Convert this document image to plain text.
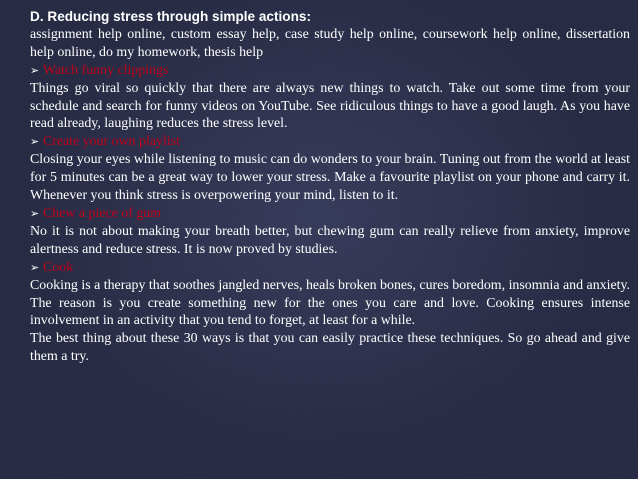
D. Reducing stress through simple actions:

assignment help online, custom essay help, case study help online, coursework help online, dissertation help online, do my homework, thesis help

➢ Watch funny clippings

Things go viral so quickly that there are always new things to watch. Take out some time from your schedule and search for funny videos on YouTube. See ridiculous things to have a good laugh. As you have read already, laughing reduces the stress level.

➢ Create your own playlist

Closing your eyes while listening to music can do wonders to your brain. Tuning out from the world at least for 5 minutes can be a great way to lower your stress. Make a favourite playlist on your phone and carry it. Whenever you think stress is overpowering your mind, listen to it.

➢ Chew a piece of gum

No it is not about making your breath better, but chewing gum can really relieve from anxiety, improve alertness and reduce stress. It is now proved by studies.

➢ Cook

Cooking is a therapy that soothes jangled nerves, heals broken bones, cures boredom, insomnia and anxiety. The reason is you create something new for the ones you care and love. Cooking ensures intense involvement in an activity that you tend to forget, at least for a while.

The best thing about these 30 ways is that you can easily practice these techniques. So go ahead and give them a try.
